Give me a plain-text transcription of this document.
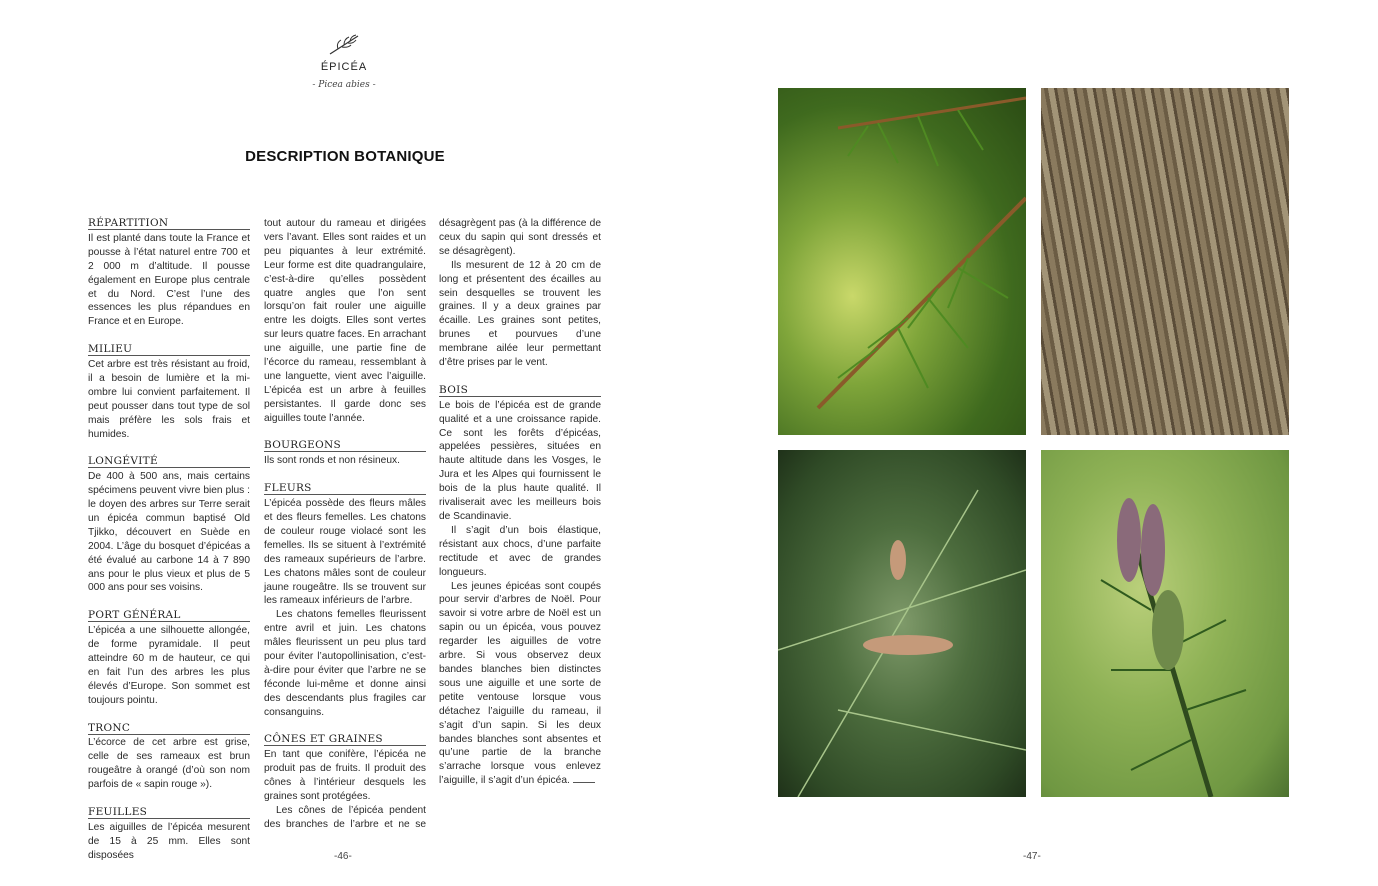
ÉPICÉA
- Picea abies -
DESCRIPTION BOTANIQUE
RÉPARTITION

Il est planté dans toute la France et pousse à l’état naturel entre 700 et 2 000 m d’altitude. Il pousse également en Europe plus centrale et du Nord. C’est l’une des essences les plus répandues en France et en Europe.

MILIEU

Cet arbre est très résistant au froid, il a besoin de lumière et la mi-ombre lui convient parfaitement. Il peut pousser dans tout type de sol mais préfère les sols frais et humides.

LONGÉVITÉ

De 400 à 500 ans, mais certains spécimens peuvent vivre bien plus : le doyen des arbres sur Terre serait un épicéa commun baptisé Old Tjikko, découvert en Suède en 2004. L’âge du bosquet d’épicéas a été évalué au carbone 14 à 7 890 ans pour le plus vieux et plus de 5 000 ans pour ses voisins.

PORT GÉNÉRAL

L’épicéa a une silhouette allongée, de forme pyramidale. Il peut atteindre 60 m de hauteur, ce qui en fait l’un des arbres les plus élevés d’Europe. Son sommet est toujours pointu.

TRONC

L’écorce de cet arbre est grise, celle de ses rameaux est brun rougeâtre à orangé (d’où son nom parfois de « sapin rouge »).

FEUILLES

Les aiguilles de l’épicéa mesurent de 15 à 25 mm. Elles sont disposées

tout autour du rameau et dirigées vers l’avant. Elles sont raides et un peu piquantes à leur extrémité. Leur forme est dite quadrangulaire, c’est-à-dire qu’elles possèdent quatre angles que l’on sent lorsqu’on fait rouler une aiguille entre les doigts. Elles sont vertes sur leurs quatre faces. En arrachant une aiguille, une partie fine de l’écorce du rameau, ressemblant à une languette, vient avec l’aiguille. L’épicéa est un arbre à feuilles persistantes. Il garde donc ses aiguilles toute l’année.

BOURGEONS

Ils sont ronds et non résineux.

FLEURS

L’épicéa possède des fleurs mâles et des fleurs femelles. Les chatons de couleur rouge violacé sont les femelles. Ils se situent à l’extrémité des rameaux supérieurs de l’arbre. Les chatons mâles sont de couleur jaune rougeâtre. Ils se trouvent sur les rameaux inférieurs de l’arbre.

Les chatons femelles fleurissent entre avril et juin. Les chatons mâles fleurissent un peu plus tard pour éviter l’autopollinisation, c’est-à-dire pour éviter que l’arbre ne se féconde lui-même et donne ainsi des descendants plus fragiles car consanguins.

CÔNES ET GRAINES

En tant que conifère, l’épicéa ne produit pas de fruits. Il produit des cônes à l’intérieur desquels les graines sont protégées.

Les cônes de l’épicéa pendent des branches de l’arbre et ne se

désagrègent pas (à la différence de ceux du sapin qui sont dressés et se désagrègent).

Ils mesurent de 12 à 20 cm de long et présentent des écailles au sein desquelles se trouvent les graines. Il y a deux graines par écaille. Les graines sont petites, brunes et pourvues d’une membrane ailée leur permettant d’être prises par le vent.

BOIS

Le bois de l’épicéa est de grande qualité et a une croissance rapide. Ce sont les forêts d’épicéas, appelées pessières, situées en haute altitude dans les Vosges, le Jura et les Alpes qui fournissent le bois de la plus haute qualité. Il rivaliserait avec les meilleurs bois de Scandinavie.

Il s’agit d’un bois élastique, résistant aux chocs, d’une parfaite rectitude et avec de grandes longueurs.

Les jeunes épicéas sont coupés pour servir d’arbres de Noël. Pour savoir si votre arbre de Noël est un sapin ou un épicéa, vous pouvez regarder les aiguilles de votre arbre. Si vous observez deux bandes blanches bien distinctes sous une aiguille et une sorte de petite ventouse lorsque vous détachez l’aiguille du rameau, il s’agit d’un sapin. Si les deux bandes blanches sont absentes et qu’une partie de la branche s’arrache lorsque vous enlevez l’aiguille, il s’agit d’un épicéa.

-46-	-47-
